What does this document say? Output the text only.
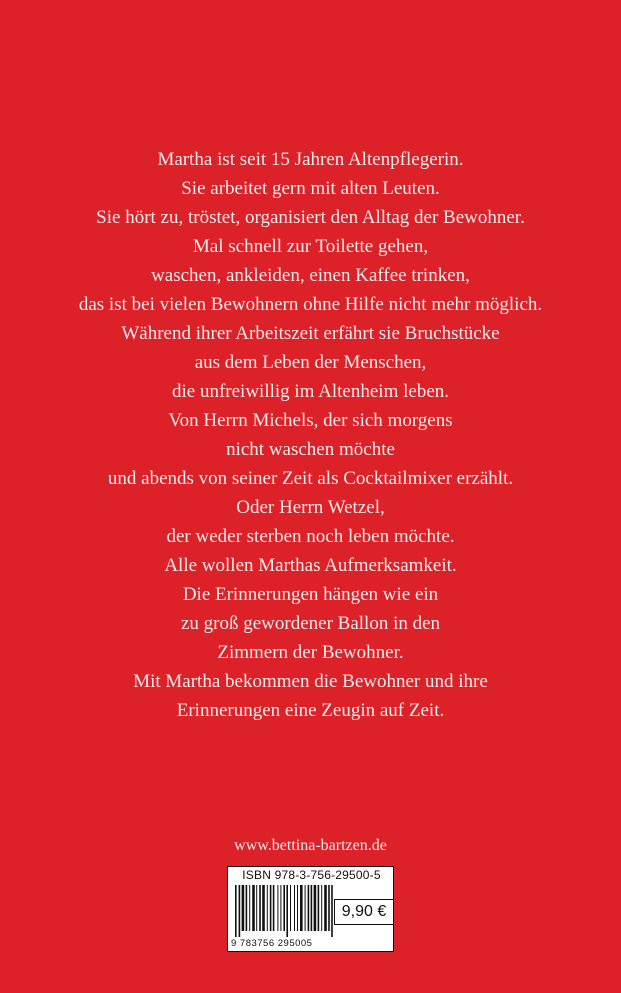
Martha ist seit 15 Jahren Altenpflegerin.
Sie arbeitet gern mit alten Leuten.
Sie hört zu, tröstet, organisiert den Alltag der Bewohner.
Mal schnell zur Toilette gehen,
waschen, ankleiden, einen Kaffee trinken,
das ist bei vielen Bewohnern ohne Hilfe nicht mehr möglich.
Während ihrer Arbeitszeit erfährt sie Bruchstücke
aus dem Leben der Menschen,
die unfreiwillig im Altenheim leben.
Von Herrn Michels, der sich morgens
nicht waschen möchte
und abends von seiner Zeit als Cocktailmixer erzählt.
Oder Herrn Wetzel,
der weder sterben noch leben möchte.
Alle wollen Marthas Aufmerksamkeit.
Die Erinnerungen hängen wie ein
zu groß gewordener Ballon in den
Zimmern der Bewohner.
Mit Martha bekommen die Bewohner und ihre
Erinnerungen eine Zeugin auf Zeit.
www.bettina-bartzen.de
ISBN 978-3-756-29500-5
9 783756 295005
9,90 €
